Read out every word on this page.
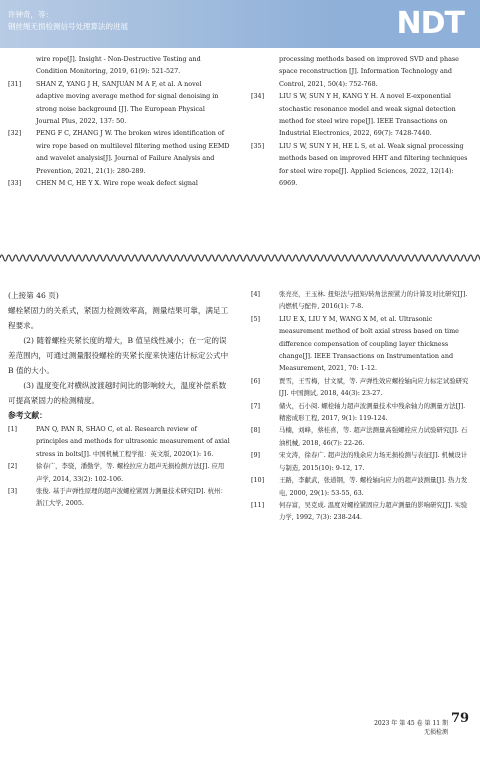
许钟奇，等：
钢丝绳无损检测信号处理算法的进展	NDT
wire rope[J]. Insight - Non-Destructive Testing and Condition Monitoring, 2019, 61(9): 521-527.
[31] SHAN Z, YANG J H, SANJUÁN M A F, et al. A novel adaptive moving average method for signal denoising in strong noise background [J]. The European Physical Journal Plus, 2022, 137: 50.
[32] PENG F C, ZHANG J W. The broken wires identification of wire rope based on multilevel filtering method using EEMD and wavelet analysis[J]. Journal of Failure Analysis and Prevention, 2021, 21(1): 280-289.
[33] CHEN M C, HE Y X. Wire rope weak defect signal
processing methods based on improved SVD and phase space reconstruction [J]. Information Technology and Control, 2021, 50(4): 752-768.
[34] LIU S W, SUN Y H, KANG Y H. A novel E-exponential stochastic resonance model and weak signal detection method for steel wire rope[J]. IEEE Transactions on Industrial Electronics, 2022, 69(7): 7428-7440.
[35] LIU S W, SUN Y H, HE L S, et al. Weak signal processing methods based on improved HHT and filtering techniques for steel wire rope[J]. Applied Sciences, 2022, 12(14): 6969.

(上接第 46 页)

螺栓紧固力的关系式，紧固力检测效率高，测量结果可靠，满足工程要求。

(2) 随着螺栓夹紧长度的增大，B 值呈线性减小；在一定的误差范围内，可通过测量服役螺栓的夹紧长度来快速估计标定公式中 B 值的大小。

(3) 温度变化对横纵波渡越时间比的影响较大，温度补偿系数可提高紧固力的检测精度。

参考文献：

[1]	PAN Q, PAN R, SHAO C, et al. Research review of principles and methods for ultrasonic measurement of axial stress in bolts[J]. 中国机械工程学报：英文版, 2020(1): 16.
[2]	徐春广，李骁，潘勤学，等. 螺栓拉应力超声无损检测方法[J]. 应用声学, 2014, 33(2): 102-106.
[3]	张俊. 基于声弹性原理的超声波螺栓紧固力测量技术研究[D]. 杭州：浙江大学, 2005.
[4]	张亮亮，王玉林. 扭矩法与扭矩/转角法预紧力的计算及对比研究[J]. 内燃机与配件, 2016(1): 7-8.
[5]	LIU E X, LIU Y M, WANG X M, et al. Ultrasonic measurement method of bolt axial stress based on time difference compensation of coupling layer thickness change[J]. IEEE Transactions on Instrumentation and Measurement, 2021, 70: 1-12.
[6]	贾雪，王雪梅，甘文斌，等. 声弹性效应螺栓轴向应力标定试验研究[J]. 中国测试, 2018, 44(3): 23-27.
[7]	储火，石小阅. 螺栓轴力超声波测量技术中残余轴力的测量方法[J]. 精密成形工程, 2017, 9(1): 119-124.
[8]	马楠，刘峰，蔡桂喜，等. 超声法测量高强螺栓应力试验研究[J]. 石油机械, 2018, 46(7): 22-26.
[9]	宋文涛，徐春广. 超声法的残余应力场无损检测与表征[J]. 机械设计与制造, 2015(10): 9-12, 17.
[10] 王路，李献武，张道钢，等. 螺栓轴向应力的超声波测量[J]. 热力发电, 2000, 29(1): 53-55, 63.
[11] 何存富，吴克成. 温度对螺栓紧固应力超声测量的影响研究[J]. 实验力学, 1992, 7(3): 238-244.
2023 年 第 45 卷 第 11 期
无损检测
79
